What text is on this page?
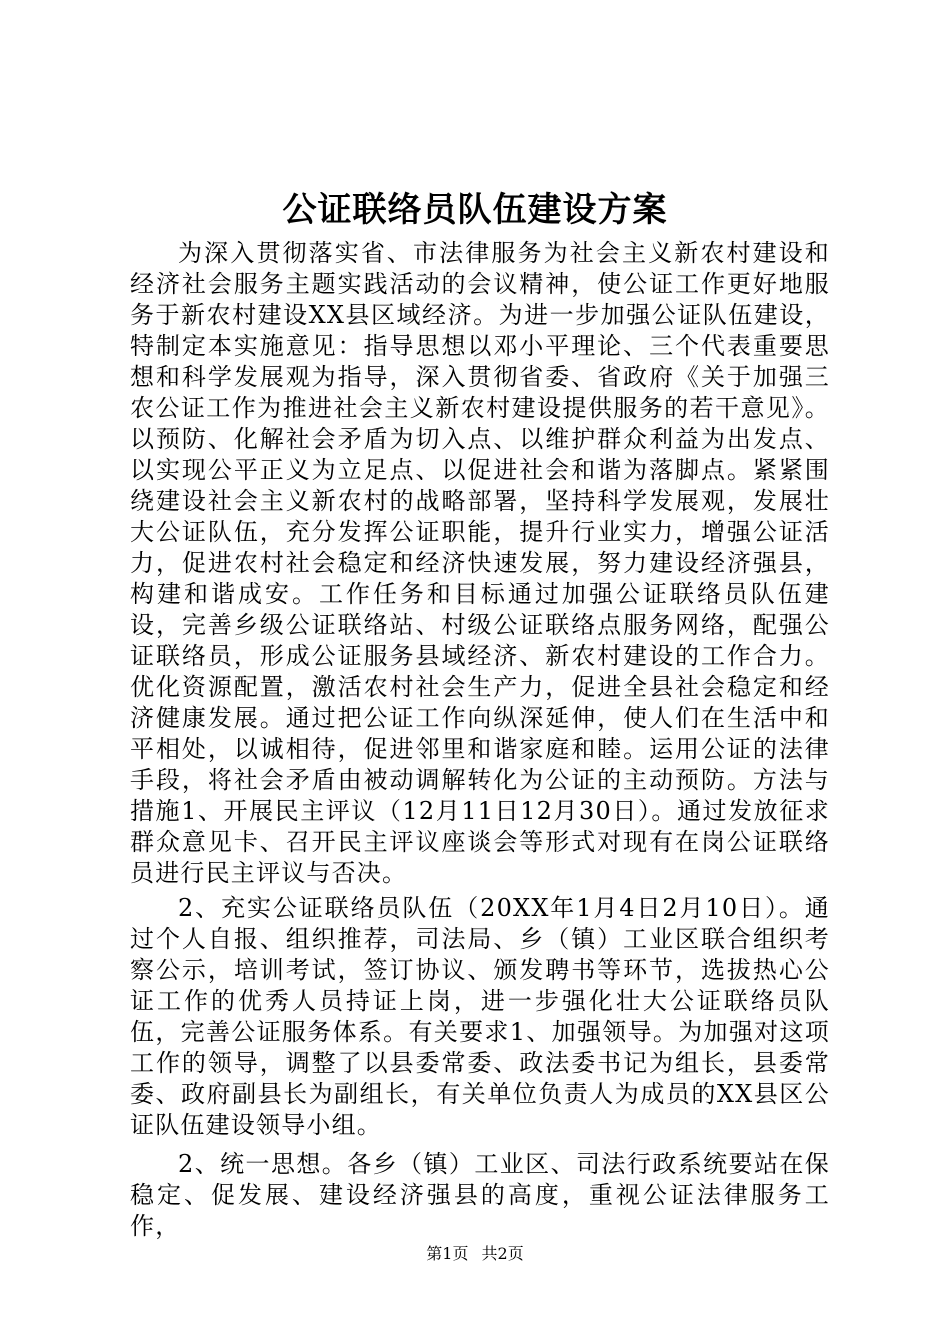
公证联络员队伍建设方案

为深入贯彻落实省、市法律服务为社会主义新农村建设和经济社会服务主题实践活动的会议精神，使公证工作更好地服务于新农村建设XX县区域经济。为进一步加强公证队伍建设，特制定本实施意见：指导思想以邓小平理论、三个代表重要思想和科学发展观为指导，深入贯彻省委、省政府《关于加强三农公证工作为推进社会主义新农村建设提供服务的若干意见》。以预防、化解社会矛盾为切入点、以维护群众利益为出发点、以实现公平正义为立足点、以促进社会和谐为落脚点。紧紧围绕建设社会主义新农村的战略部署，坚持科学发展观，发展壮大公证队伍，充分发挥公证职能，提升行业实力，增强公证活力，促进农村社会稳定和经济快速发展，努力建设经济强县，构建和谐成安。工作任务和目标通过加强公证联络员队伍建设，完善乡级公证联络站、村级公证联络点服务网络，配强公证联络员，形成公证服务县域经济、新农村建设的工作合力。优化资源配置，激活农村社会生产力，促进全县社会稳定和经济健康发展。通过把公证工作向纵深延伸，使人们在生活中和平相处，以诚相待，促进邻里和谐家庭和睦。运用公证的法律手段，将社会矛盾由被动调解转化为公证的主动预防。方法与措施1、开展民主评议（12月11日12月30日）。通过发放征求群众意见卡、召开民主评议座谈会等形式对现有在岗公证联络员进行民主评议与否决。

2、充实公证联络员队伍（20XX年1月4日2月10日）。通过个人自报、组织推荐，司法局、乡（镇）工业区联合组织考察公示，培训考试，签订协议、颁发聘书等环节，选拔热心公证工作的优秀人员持证上岗，进一步强化壮大公证联络员队伍，完善公证服务体系。有关要求1、加强领导。为加强对这项工作的领导，调整了以县委常委、政法委书记为组长，县委常委、政府副县长为副组长，有关单位负责人为成员的XX县区公证队伍建设领导小组。

2、统一思想。各乡（镇）工业区、司法行政系统要站在保稳定、促发展、建设经济强县的高度，重视公证法律服务工作，

第1页 共2页
